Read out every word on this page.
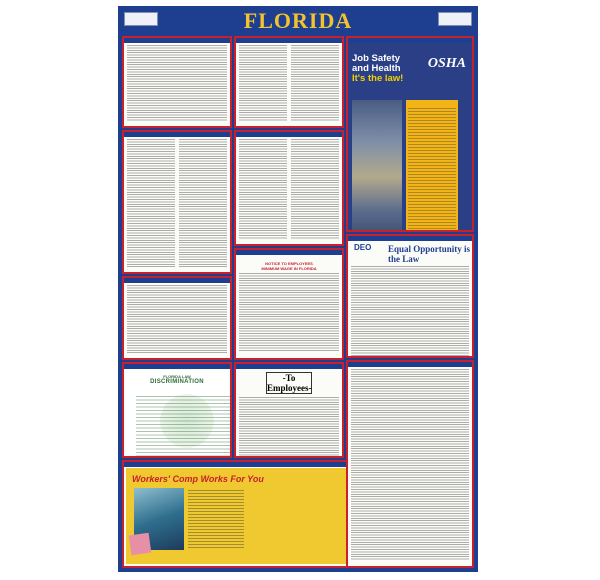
FLORIDA
FLORIDA LAW
DISCRIMINATION
Workers' Comp Works For You
NOTICE TO EMPLOYEES
MINIMUM WAGE IN FLORIDA
-To Employees-
Job Safety
and Health
It's the law!
OSHA
DEO Equal Opportunity is the Law
